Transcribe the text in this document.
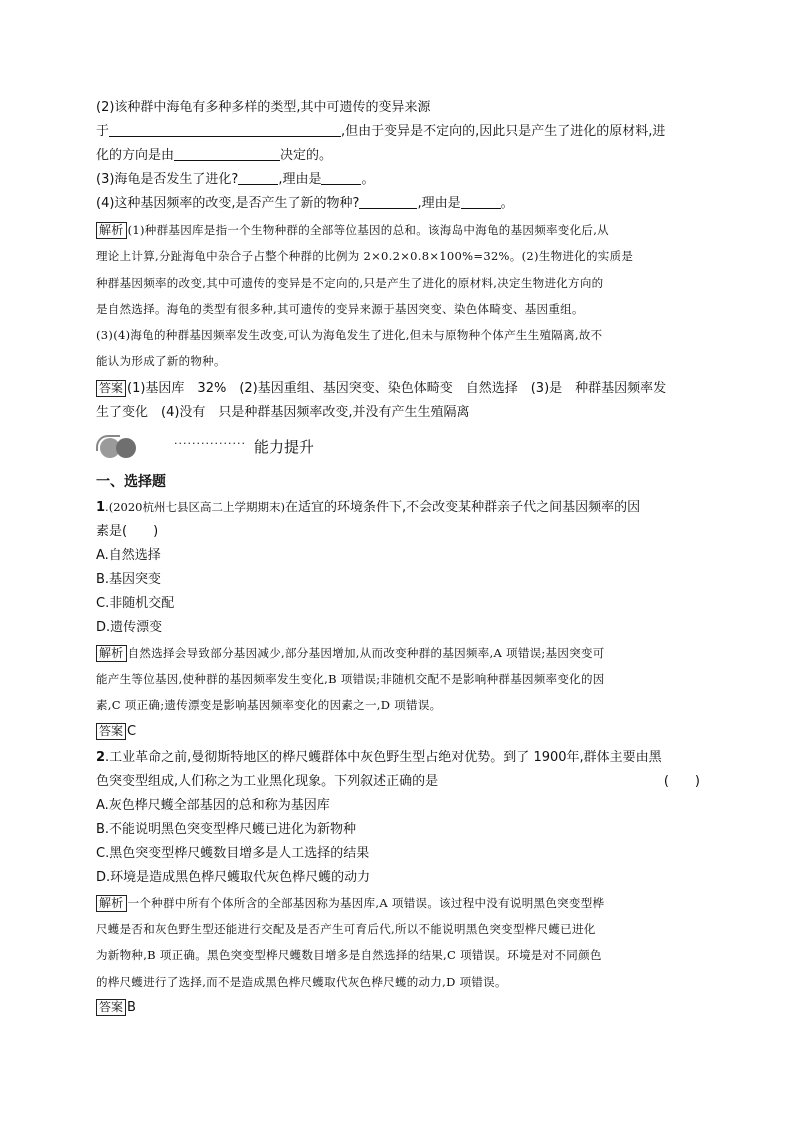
(2)该种群中海龟有多种多样的类型,其中可遗传的变异来源
于	,但由于变异是不定向的,因此只是产生了进化的原材料,进
化的方向是由	决定的。
(3)海龟是否发生了进化?	,理由是	。
(4)这种基因频率的改变,是否产生了新的物种?	,理由是	。
解析 (1)种群基因库是指一个生物种群的全部等位基因的总和。该海岛中海龟的基因频率变化后,从
理论上计算,分趾海龟中杂合子占整个种群的比例为 2×0.2×0.8×100%=32%。(2)生物进化的实质是
种群基因频率的改变,其中可遗传的变异是不定向的,只是产生了进化的原材料,决定生物进化方向的
是自然选择。海龟的类型有很多种,其可遗传的变异来源于基因突变、染色体畸变、基因重组。
(3)(4)海龟的种群基因频率发生改变,可认为海龟发生了进化,但未与原物种个体产生生殖隔离,故不
能认为形成了新的物种。
答案 (1)基因库　32%　(2)基因重组、基因突变、染色体畸变　自然选择　(3)是　种群基因频率发
生了变化　(4)没有　只是种群基因频率改变,并没有产生生殖隔离
················ 能力提升
一、选择题
1.(2020杭州七县区高二上学期期末)在适宜的环境条件下,不会改变某种群亲子代之间基因频率的因
素是(　　)
A.自然选择
B.基因突变
C.非随机交配
D.遗传漂变
解析 自然选择会导致部分基因减少,部分基因增加,从而改变种群的基因频率,A 项错误;基因突变可
能产生等位基因,使种群的基因频率发生变化,B 项错误;非随机交配不是影响种群基因频率变化的因
素,C 项正确;遗传漂变是影响基因频率变化的因素之一,D 项错误。
答案 C
2.工业革命之前,曼彻斯特地区的桦尺蠖群体中灰色野生型占绝对优势。到了 1900年,群体主要由黑
色突变型组成,人们称之为工业黑化现象。下列叙述正确的是	(　　)
A.灰色桦尺蠖全部基因的总和称为基因库
B.不能说明黑色突变型桦尺蠖已进化为新物种
C.黑色突变型桦尺蠖数目增多是人工选择的结果
D.环境是造成黑色桦尺蠖取代灰色桦尺蠖的动力
解析 一个种群中所有个体所含的全部基因称为基因库,A 项错误。该过程中没有说明黑色突变型桦
尺蠖是否和灰色野生型还能进行交配及是否产生可育后代,所以不能说明黑色突变型桦尺蠖已进化
为新物种,B 项正确。黑色突变型桦尺蠖数目增多是自然选择的结果,C 项错误。环境是对不同颜色
的桦尺蠖进行了选择,而不是造成黑色桦尺蠖取代灰色桦尺蠖的动力,D 项错误。
答案 B
